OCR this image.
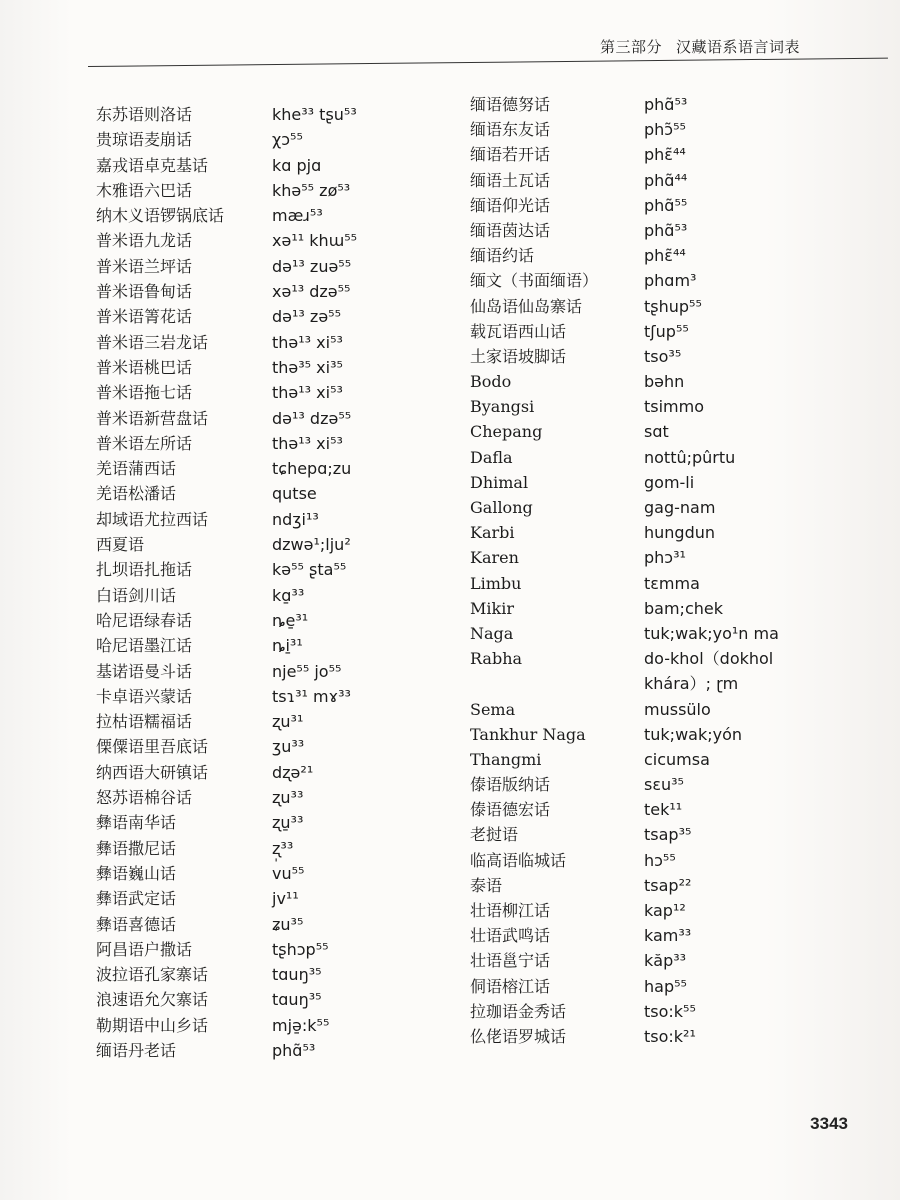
第三部分 汉藏语系语言词表
东苏语则洛话	khe³³ tʂu⁵³
贵琼语麦崩话	χɔ⁵⁵
嘉戎语卓克基话	kɑ pjɑ
木雅语六巴话	khə⁵⁵ zø⁵³
纳木义语锣锅底话	mæɹ⁵³
普米语九龙话	xə¹¹ khɯ⁵⁵
普米语兰坪话	də¹³ zuə⁵⁵
普米语鲁甸话	xə¹³ dzə⁵⁵
普米语箐花话	də¹³ zə⁵⁵
普米语三岩龙话	thə¹³ xi⁵³
普米语桃巴话	thə³⁵ xi³⁵
普米语拖七话	thə¹³ xi⁵³
普米语新营盘话	də¹³ dzə⁵⁵
普米语左所话	thə¹³ xi⁵³
羌语蒲西话	tɕhepɑ;zu
羌语松潘话	qutse
却域语尤拉西话	ndʒi¹³
西夏语	dzwə¹;lju²
扎坝语扎拖话	kə⁵⁵ ʂta⁵⁵
白语剑川话	kɑ̱³³
哈尼语绿春话	ȵe̱³¹
哈尼语墨江话	ȵi̱³¹
基诺语曼斗话	nje⁵⁵ jo⁵⁵
卡卓语兴蒙话	tsɿ³¹ mɤ³³
拉枯语糯福话	ʐu³¹
傈僳语里吾底话	ʒu³³
纳西语大研镇话	dʐə²¹
怒苏语棉谷话	ʐu³³
彝语南华话	ʐu̱³³
彝语撒尼话	ʐ̩³³
彝语巍山话	vu⁵⁵
彝语武定话	jv¹¹
彝语喜德话	ʑu³⁵
阿昌语户撒话	tʂhɔp⁵⁵
波拉语孔家寨话	tɑuŋ³⁵
浪速语允欠寨话	tɑuŋ³⁵
勒期语中山乡话	mjə̱:k⁵⁵
缅语丹老话	phɑ̃⁵³
缅语德努话	phɑ̃⁵³
缅语东友话	phɔ̃⁵⁵
缅语若开话	phɛ̃⁴⁴
缅语土瓦话	phɑ̃⁴⁴
缅语仰光话	phɑ̃⁵⁵
缅语茵达话	phɑ̃⁵³
缅语约话	phɛ̃⁴⁴
缅文（书面缅语）	phɑm³
仙岛语仙岛寨话	tʂhup⁵⁵
载瓦语西山话	tʃup⁵⁵
土家语坡脚话	tso³⁵
Bodo	bəhn
Byangsi	tsimmo
Chepang	sɑt
Dafla	nottû;pûrtu
Dhimal	gom-li
Gallong	gag-nam
Karbi	hungdun
Karen	phɔ³¹
Limbu	tɛmma
Mikir	bam;chek
Naga	tuk;wak;yo¹n ma
Rabha	do-khol（dokhol
khára）; ɽm
Sema	mussülo
Tankhur Naga	tuk;wak;yón
Thangmi	cicumsa
傣语版纳话	sɛu³⁵
傣语德宏话	tek¹¹
老挝语	tsap³⁵
临高语临城话	hɔ⁵⁵
泰语	tsap²²
壮语柳江话	kap¹²
壮语武鸣话	kam³³
壮语邕宁话	kăp³³
侗语榕江话	hap⁵⁵
拉珈语金秀话	tso:k⁵⁵
仫佬语罗城话	tso:k²¹
3343
